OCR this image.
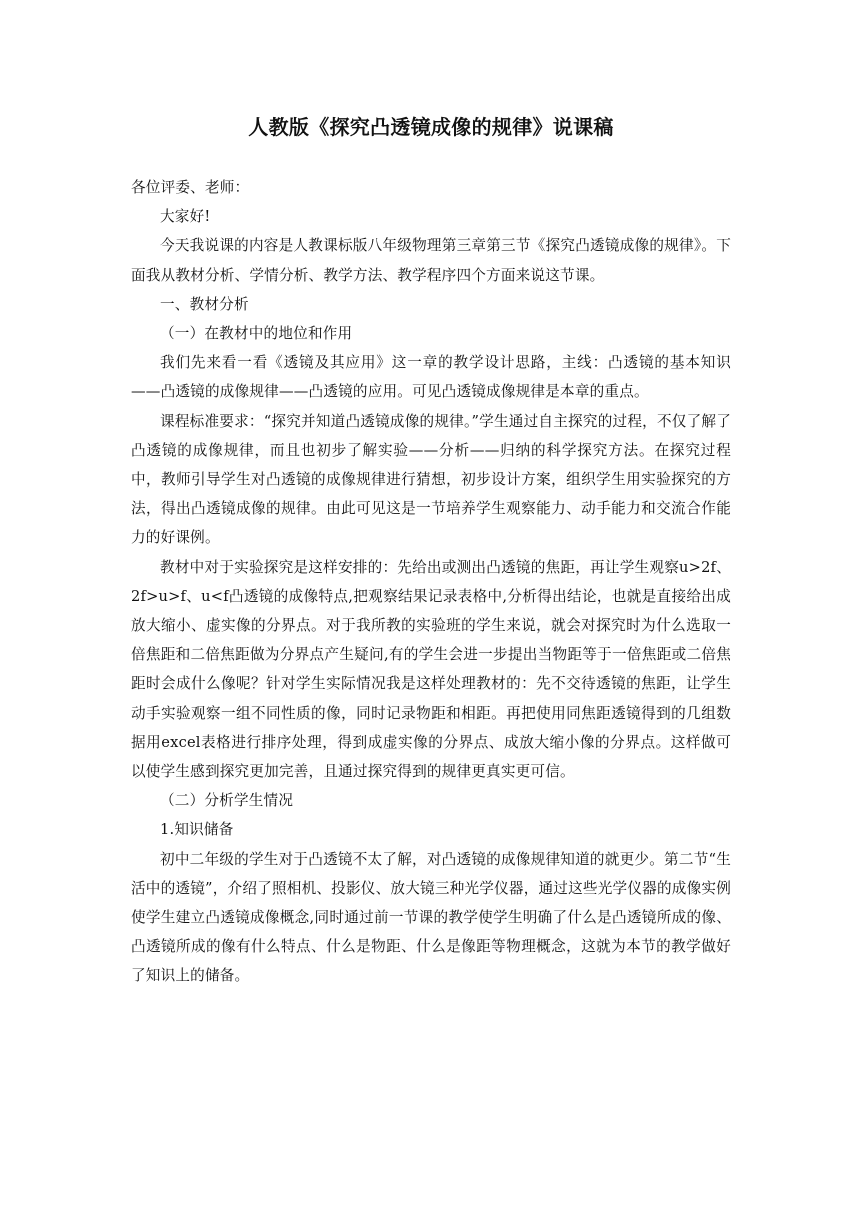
人教版《探究凸透镜成像的规律》说课稿

各位评委、老师：

大家好!

今天我说课的内容是人教课标版八年级物理第三章第三节《探究凸透镜成像的规律》。下面我从教材分析、学情分析、教学方法、教学程序四个方面来说这节课。

一、教材分析

（一）在教材中的地位和作用

我们先来看一看《透镜及其应用》这一章的教学设计思路，主线：凸透镜的基本知识——凸透镜的成像规律——凸透镜的应用。可见凸透镜成像规律是本章的重点。

课程标准要求：“探究并知道凸透镜成像的规律。”学生通过自主探究的过程，不仅了解了凸透镜的成像规律，而且也初步了解实验——分析——归纳的科学探究方法。在探究过程中，教师引导学生对凸透镜的成像规律进行猜想，初步设计方案，组织学生用实验探究的方法，得出凸透镜成像的规律。由此可见这是一节培养学生观察能力、动手能力和交流合作能力的好课例。

教材中对于实验探究是这样安排的：先给出或测出凸透镜的焦距，再让学生观察u>2f、2f>u>f、u<f凸透镜的成像特点,把观察结果记录表格中,分析得出结论，也就是直接给出成放大缩小、虚实像的分界点。对于我所教的实验班的学生来说，就会对探究时为什么选取一倍焦距和二倍焦距做为分界点产生疑问,有的学生会进一步提出当物距等于一倍焦距或二倍焦距时会成什么像呢？针对学生实际情况我是这样处理教材的：先不交待透镜的焦距，让学生动手实验观察一组不同性质的像，同时记录物距和相距。再把使用同焦距透镜得到的几组数据用excel表格进行排序处理，得到成虚实像的分界点、成放大缩小像的分界点。这样做可以使学生感到探究更加完善，且通过探究得到的规律更真实更可信。

（二）分析学生情况

1.知识储备

初中二年级的学生对于凸透镜不太了解，对凸透镜的成像规律知道的就更少。第二节“生活中的透镜”，介绍了照相机、投影仪、放大镜三种光学仪器，通过这些光学仪器的成像实例使学生建立凸透镜成像概念,同时通过前一节课的教学使学生明确了什么是凸透镜所成的像、凸透镜所成的像有什么特点、什么是物距、什么是像距等物理概念，这就为本节的教学做好了知识上的储备。
